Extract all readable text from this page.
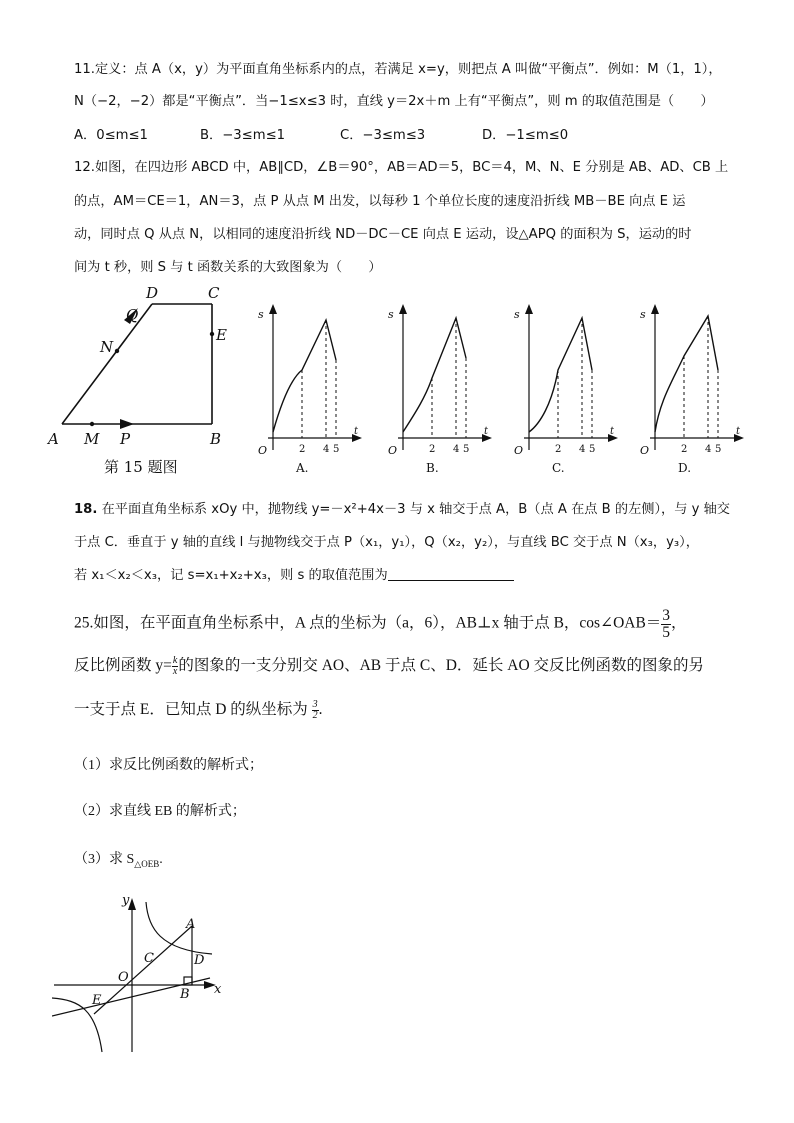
11.定义：点 A（x，y）为平面直角坐标系内的点，若满足 x=y，则把点 A 叫做“平衡点”．例如：M（1，1），
N（−2，−2）都是“平衡点”．当−1≤x≤3 时，直线 y＝2x＋m 上有“平衡点”，则 m 的取值范围是（　　）
A．0≤m≤1	B．−3≤m≤1	C．−3≤m≤3	D．−1≤m≤0
12.如图，在四边形 ABCD 中，AB∥CD，∠B＝90°，AB＝AD＝5，BC＝4，M、N、E 分别是 AB、AD、CB 上
的点，AM＝CE＝1，AN＝3，点 P 从点 M 出发，以每秒 1 个单位长度的速度沿折线 MB－BE 向点 E 运
动，同时点 Q 从点 N，以相同的速度沿折线 ND－DC－CE 向点 E 运动，设△APQ 的面积为 S，运动的时
间为 t 秒，则 S 与 t 函数关系的大致图象为（　　）
A M P	B
D	C
E
N
Q
第 15 题图
s
t
O	2 4 5
A.
s
t
O	2 4 5
B.
s
t
O	2 4 5
C.
s
t
O	2 4 5
D.
18. 在平面直角坐标系 xOy 中，抛物线 y=－x²+4x－3 与 x 轴交于点 A，B（点 A 在点 B 的左侧），与 y 轴交
于点 C．垂直于 y 轴的直线 l 与抛物线交于点 P（x₁，y₁），Q（x₂，y₂），与直线 BC 交于点 N（x₃，y₃），
若 x₁＜x₂＜x₃，记 s=x₁+x₂+x₃，则 s 的取值范围为
25.如图，在平面直角坐标系中，A 点的坐标为（a，6），AB⊥x 轴于点 B，cos∠OAB＝ $\frac{3}{5}$ ，
反比例函数 $y= \frac{k}{x}$ 的图象的一支分别交 AO、AB 于点 C、D．延长 AO 交反比例函数的图象的另
一支于点 E．已知点 D 的纵坐标为 $\frac{3}{2}$ .
（1）求反比例函数的解析式；
（2）求直线 EB 的解析式；
（3）求 $S_{\triangle OEB}$.
y
x
O
A
C	D
B
E
